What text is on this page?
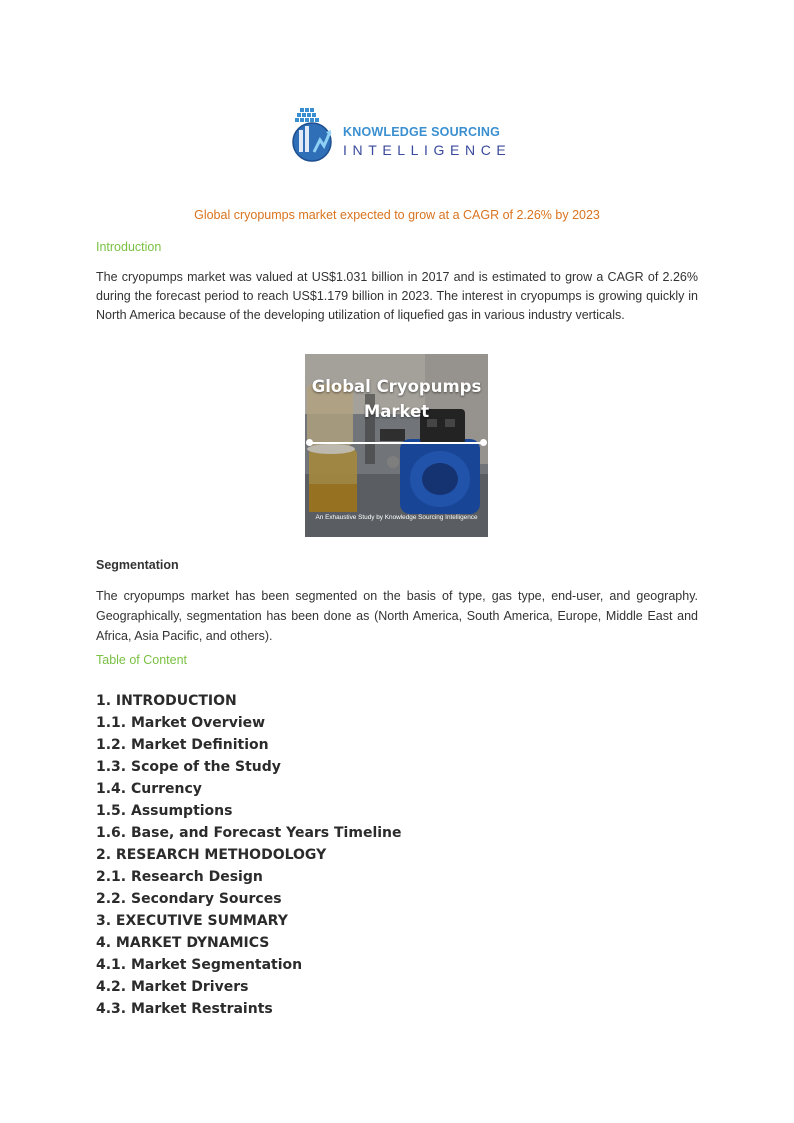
KNOWLEDGE SOURCING
INTELLIGENCE
Global cryopumps market expected to grow at a CAGR of 2.26% by 2023
Introduction
The cryopumps market was valued at US$1.031 billion in 2017 and is estimated to grow a CAGR of 2.26% during the forecast period to reach US$1.179 billion in 2023. The interest in cryopumps is growing quickly in North America because of the developing utilization of liquefied gas in various industry verticals.
Global Cryopumps
Market
An Exhaustive Study by Knowledge Sourcing Intelligence
Segmentation
The cryopumps market has been segmented on the basis of type, gas type, end-user, and geography. Geographically, segmentation has been done as (North America, South America, Europe, Middle East and Africa, Asia Pacific, and others).
Table of Content
1. INTRODUCTION
1.1. Market Overview
1.2. Market Definition
1.3. Scope of the Study
1.4. Currency
1.5. Assumptions
1.6. Base, and Forecast Years Timeline
2. RESEARCH METHODOLOGY
2.1. Research Design
2.2. Secondary Sources
3. EXECUTIVE SUMMARY
4. MARKET DYNAMICS
4.1. Market Segmentation
4.2. Market Drivers
4.3. Market Restraints
